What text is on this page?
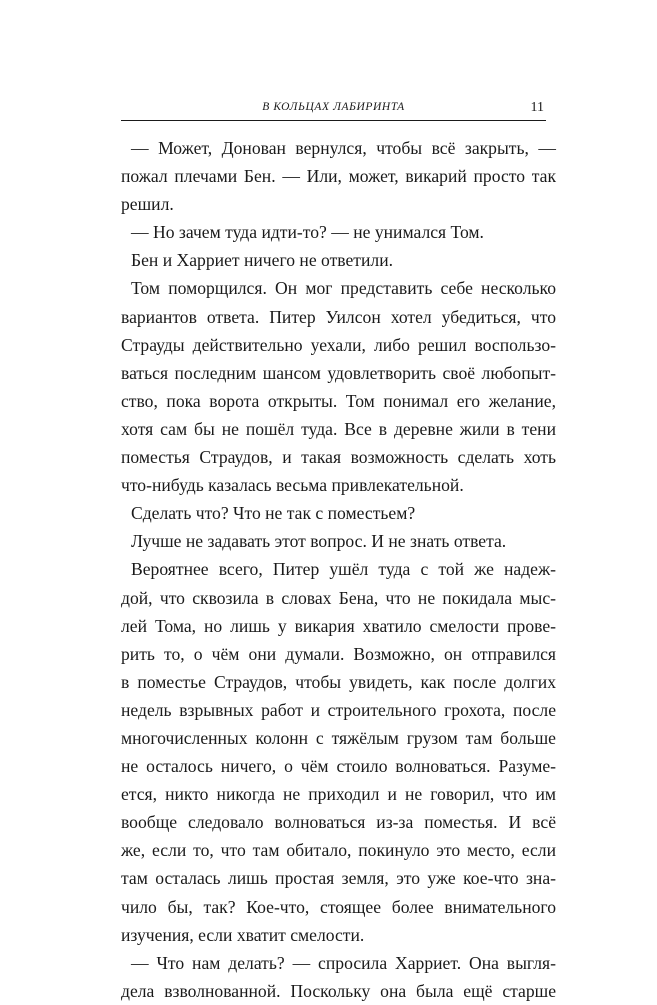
В КОЛЬЦАХ ЛАБИРИНТА	11
— Может, Донован вернулся, чтобы всё закрыть, —
пожал плечами Бен. — Или, может, викарий просто так
решил.
— Но зачем туда идти-то? — не унимался Том.
Бен и Харриет ничего не ответили.
Том поморщился. Он мог представить себе несколько
вариантов ответа. Питер Уилсон хотел убедиться, что
Страуды действительно уехали, либо решил воспользо-
ваться последним шансом удовлетворить своё любопыт-
ство, пока ворота открыты. Том понимал его желание,
хотя сам бы не пошёл туда. Все в деревне жили в тени
поместья Страудов, и такая возможность сделать хоть
что-нибудь казалась весьма привлекательной.
Сделать что? Что не так с поместьем?
Лучше не задавать этот вопрос. И не знать ответа.
Вероятнее всего, Питер ушёл туда с той же надеж-
дой, что сквозила в словах Бена, что не покидала мыс-
лей Тома, но лишь у викария хватило смелости прове-
рить то, о чём они думали. Возможно, он отправился
в поместье Страудов, чтобы увидеть, как после долгих
недель взрывных работ и строительного грохота, после
многочисленных колонн с тяжёлым грузом там больше
не осталось ничего, о чём стоило волноваться. Разуме-
ется, никто никогда не приходил и не говорил, что им
вообще следовало волноваться из-за поместья. И всё
же, если то, что там обитало, покинуло это место, если
там осталась лишь простая земля, это уже кое-что зна-
чило бы, так? Кое-что, стоящее более внимательного
изучения, если хватит смелости.
— Что нам делать? — спросила Харриет. Она выгля-
дела взволнованной. Поскольку она была ещё старше
